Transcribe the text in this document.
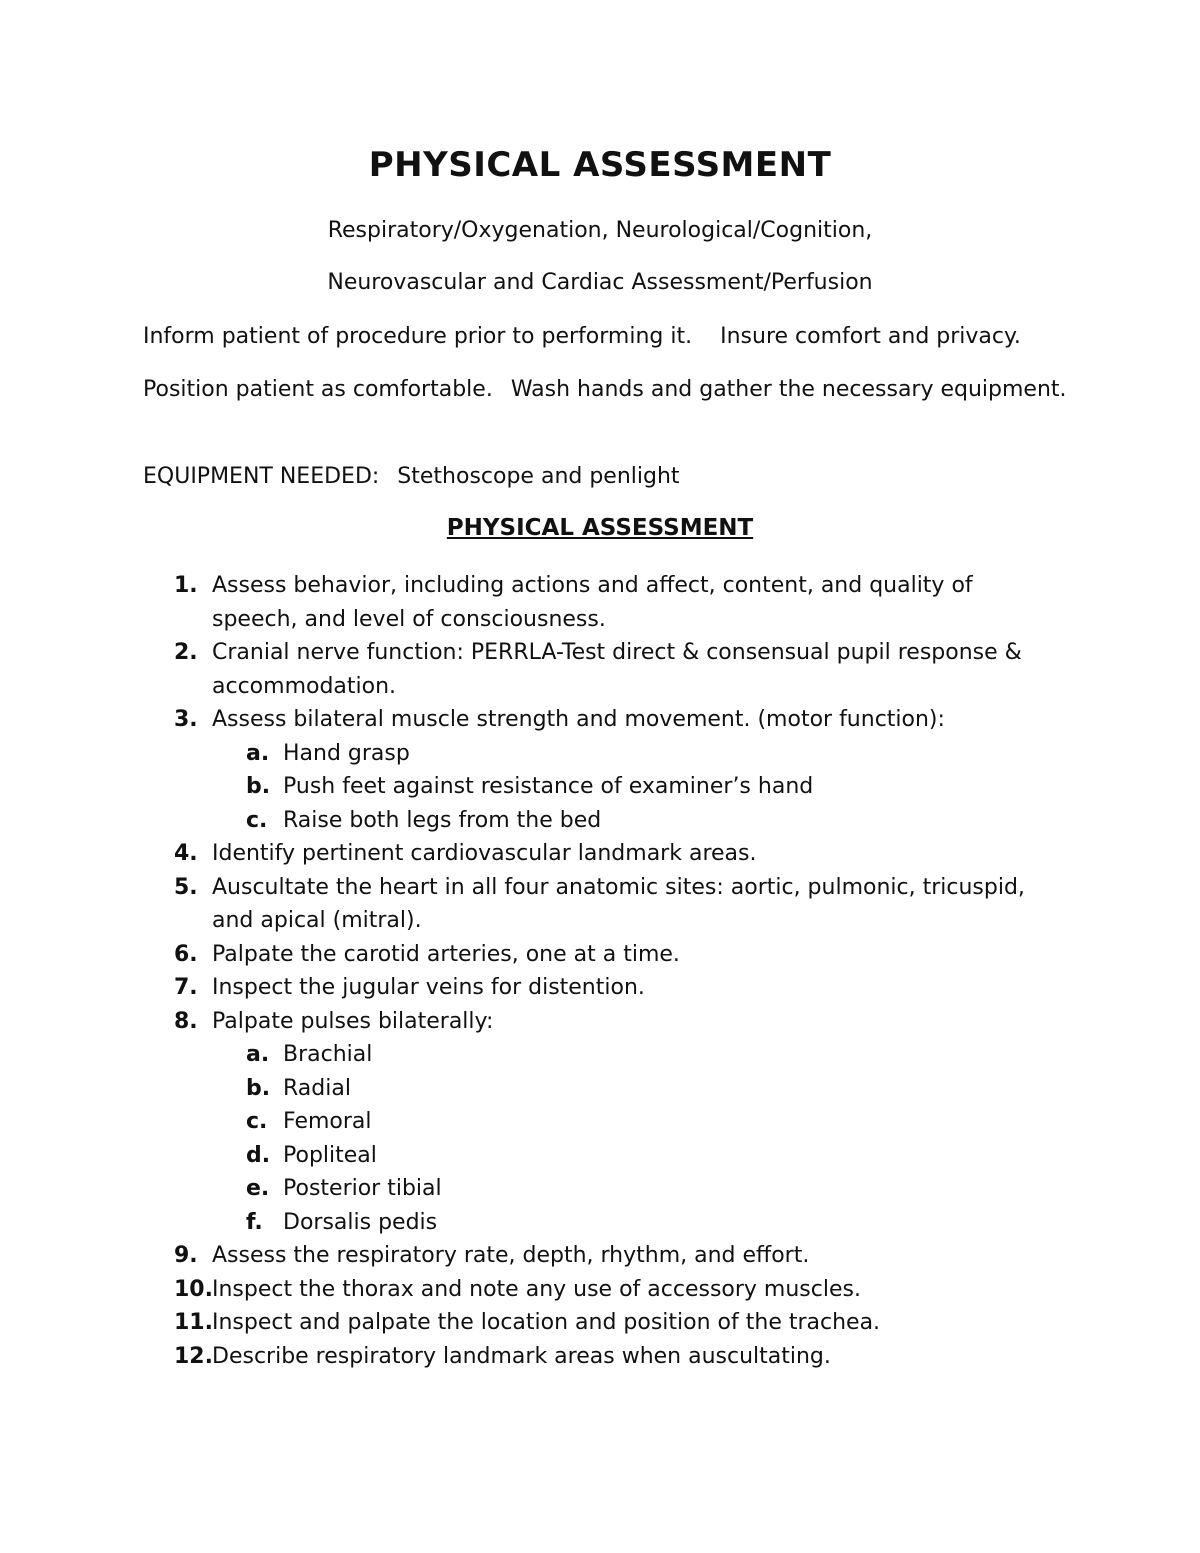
PHYSICAL ASSESSMENT

Respiratory/Oxygenation, Neurological/Cognition,

Neurovascular and Cardiac Assessment/Perfusion

Inform patient of procedure prior to performing it. Insure comfort and privacy.

Position patient as comfortable. Wash hands and gather the necessary equipment.

EQUIPMENT NEEDED: Stethoscope and penlight

PHYSICAL ASSESSMENT
1. Assess behavior, including actions and affect, content, and quality of speech, and level of consciousness.
2. Cranial nerve function: PERRLA-Test direct & consensual pupil response & accommodation.
3. Assess bilateral muscle strength and movement. (motor function):
a. Hand grasp
b. Push feet against resistance of examiner’s hand
c. Raise both legs from the bed
4. Identify pertinent cardiovascular landmark areas.
5. Auscultate the heart in all four anatomic sites: aortic, pulmonic, tricuspid, and apical (mitral).
6. Palpate the carotid arteries, one at a time.
7. Inspect the jugular veins for distention.
8. Palpate pulses bilaterally:
a. Brachial
b. Radial
c. Femoral
d. Popliteal
e. Posterior tibial
f. Dorsalis pedis
9. Assess the respiratory rate, depth, rhythm, and effort.
10. Inspect the thorax and note any use of accessory muscles.
11. Inspect and palpate the location and position of the trachea.
12. Describe respiratory landmark areas when auscultating.
